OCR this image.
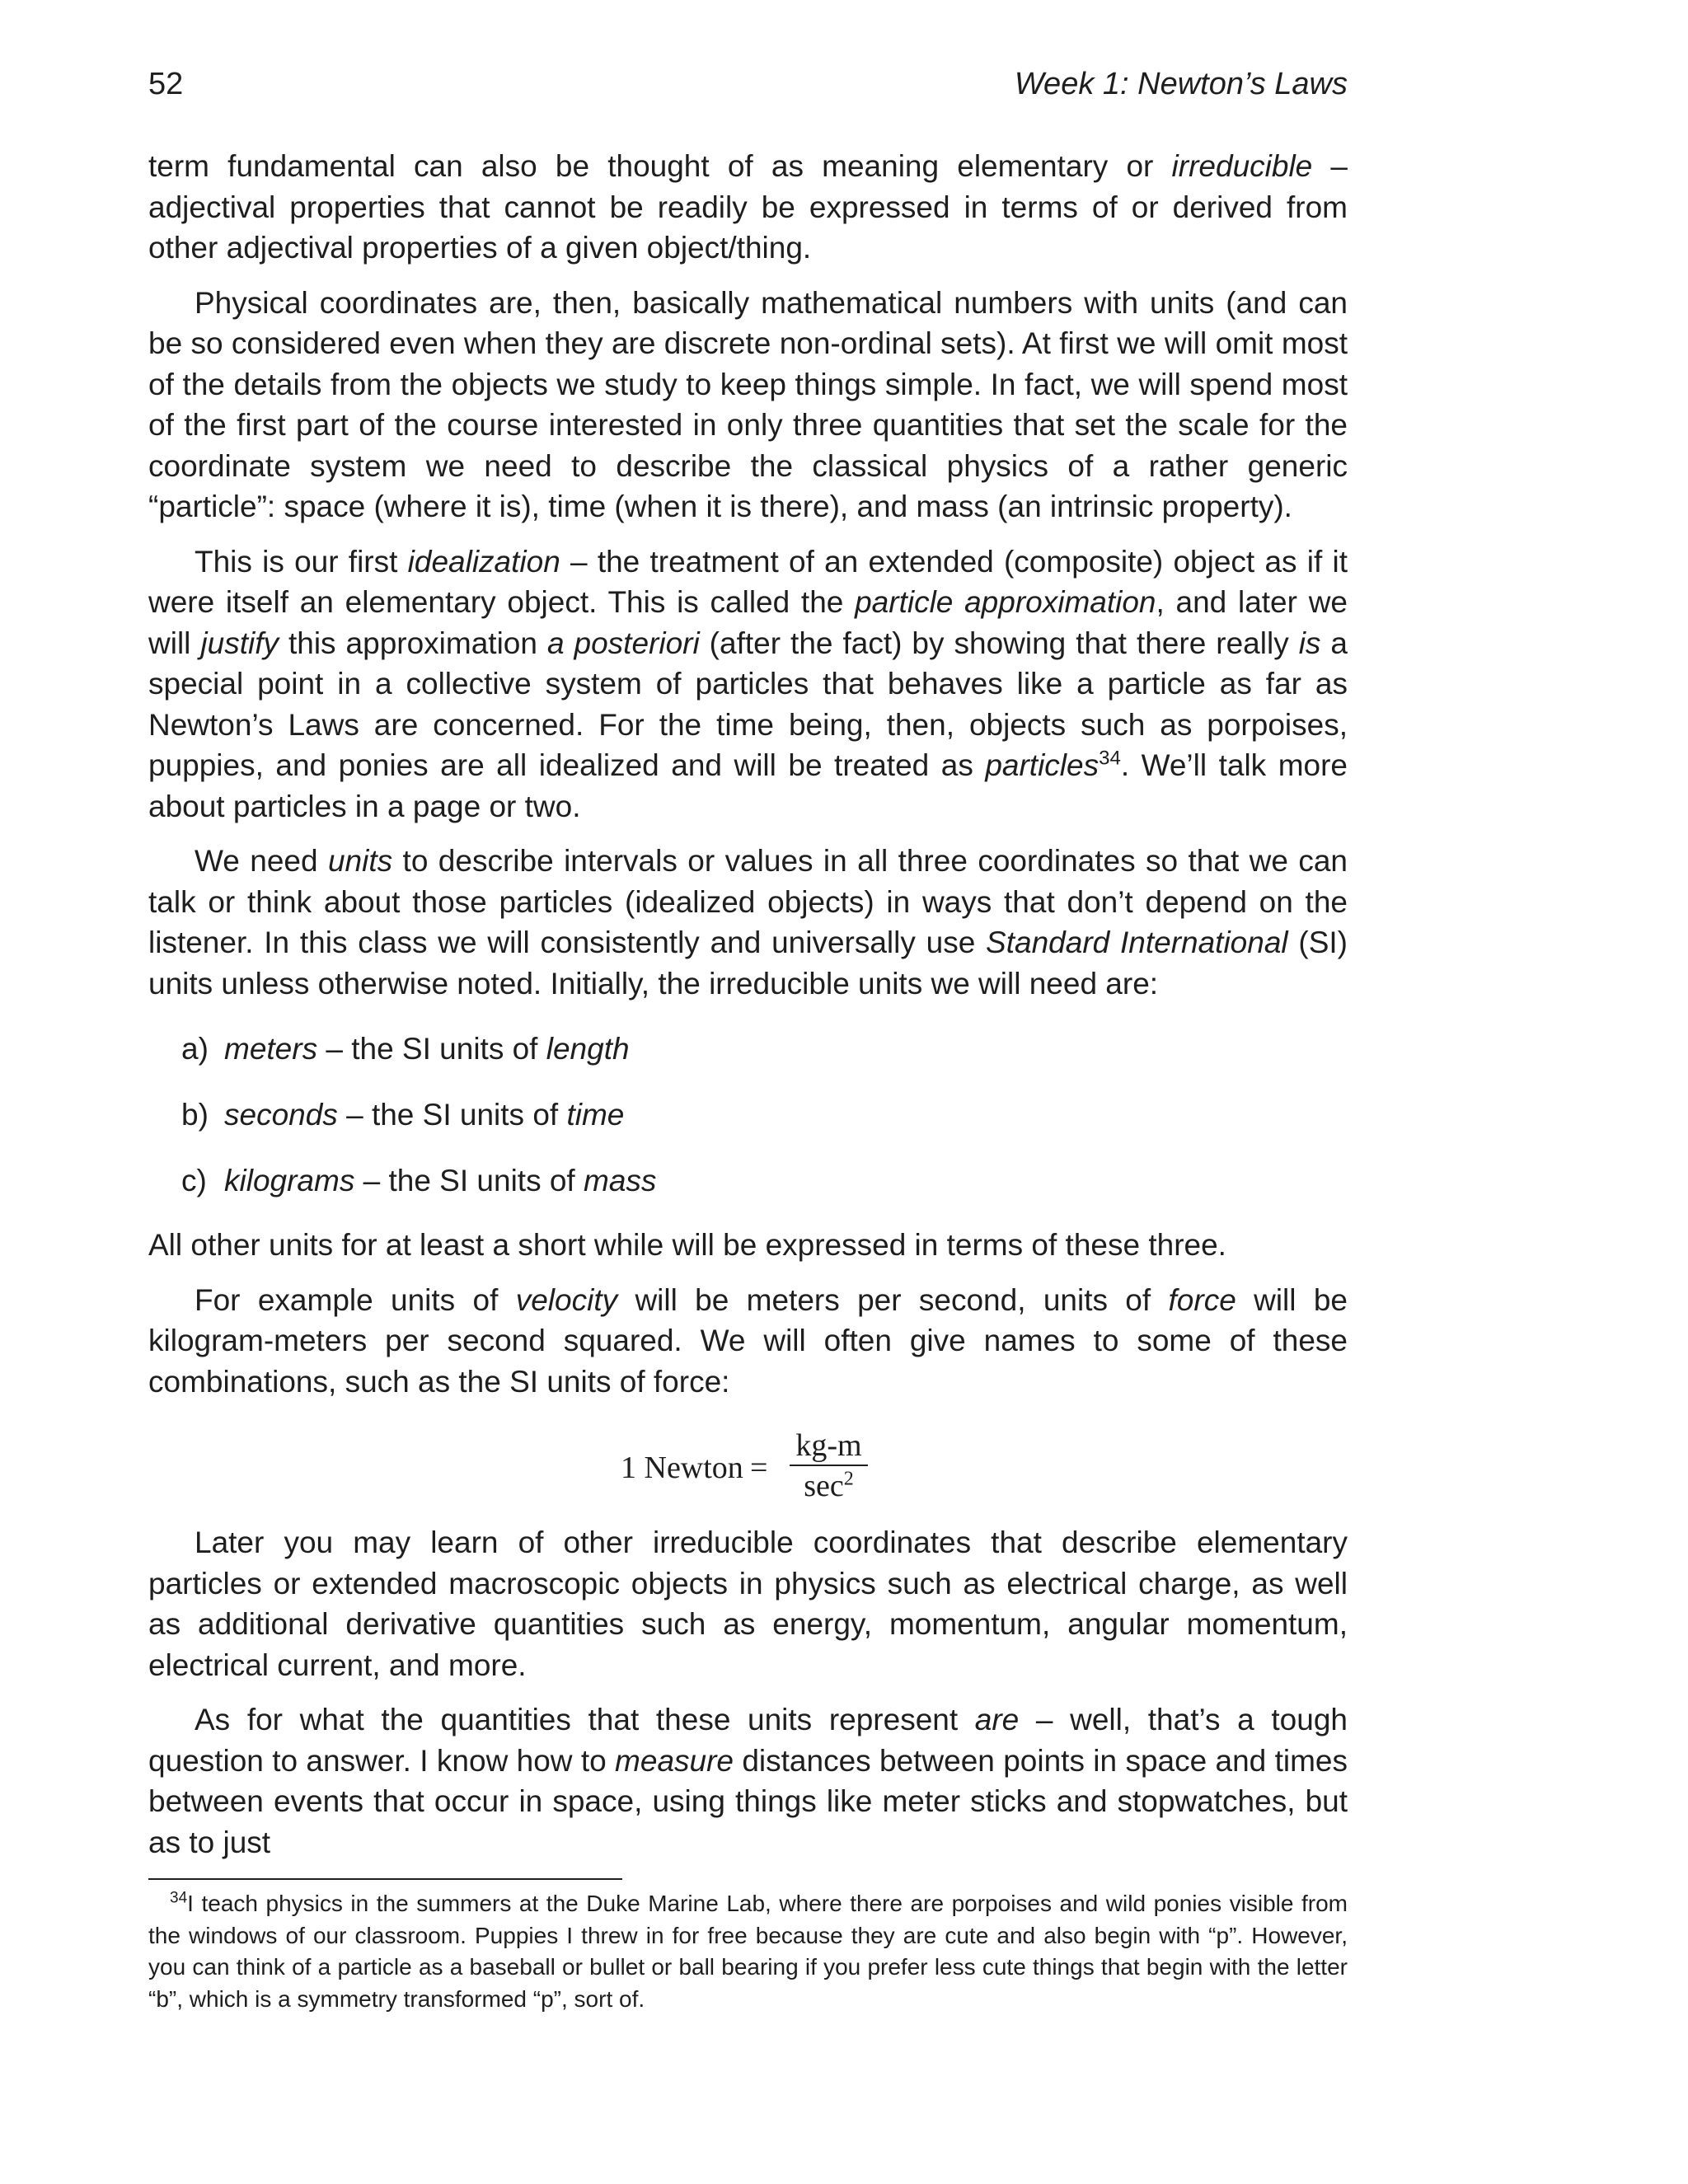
52	Week 1: Newton’s Laws

term fundamental can also be thought of as meaning elementary or irreducible – adjectival properties that cannot be readily be expressed in terms of or derived from other adjectival properties of a given object/thing.

Physical coordinates are, then, basically mathematical numbers with units (and can be so considered even when they are discrete non-ordinal sets). At first we will omit most of the details from the objects we study to keep things simple. In fact, we will spend most of the first part of the course interested in only three quantities that set the scale for the coordinate system we need to describe the classical physics of a rather generic “particle”: space (where it is), time (when it is there), and mass (an intrinsic property).

This is our first idealization – the treatment of an extended (composite) object as if it were itself an elementary object. This is called the particle approximation, and later we will justify this approximation a posteriori (after the fact) by showing that there really is a special point in a collective system of particles that behaves like a particle as far as Newton’s Laws are concerned. For the time being, then, objects such as porpoises, puppies, and ponies are all idealized and will be treated as particles$^{34}$. We’ll talk more about particles in a page or two.

We need units to describe intervals or values in all three coordinates so that we can talk or think about those particles (idealized objects) in ways that don’t depend on the listener. In this class we will consistently and universally use Standard International (SI) units unless otherwise noted. Initially, the irreducible units we will need are:

a) meters – the SI units of length
b) seconds – the SI units of time
c) kilograms – the SI units of mass

All other units for at least a short while will be expressed in terms of these three.

For example units of velocity will be meters per second, units of force will be kilogram-meters per second squared. We will often give names to some of these combinations, such as the SI units of force:

1 Newton =
kg-m
$\sec^2$

Later you may learn of other irreducible coordinates that describe elementary particles or extended macroscopic objects in physics such as electrical charge, as well as additional derivative quantities such as energy, momentum, angular momentum, electrical current, and more.

As for what the quantities that these units represent are – well, that’s a tough question to answer. I know how to measure distances between points in space and times between events that occur in space, using things like meter sticks and stopwatches, but as to just

$^{34}$I teach physics in the summers at the Duke Marine Lab, where there are porpoises and wild ponies visible from the windows of our classroom. Puppies I threw in for free because they are cute and also begin with “p”. However, you can think of a particle as a baseball or bullet or ball bearing if you prefer less cute things that begin with the letter “b”, which is a symmetry transformed “p”, sort of.
